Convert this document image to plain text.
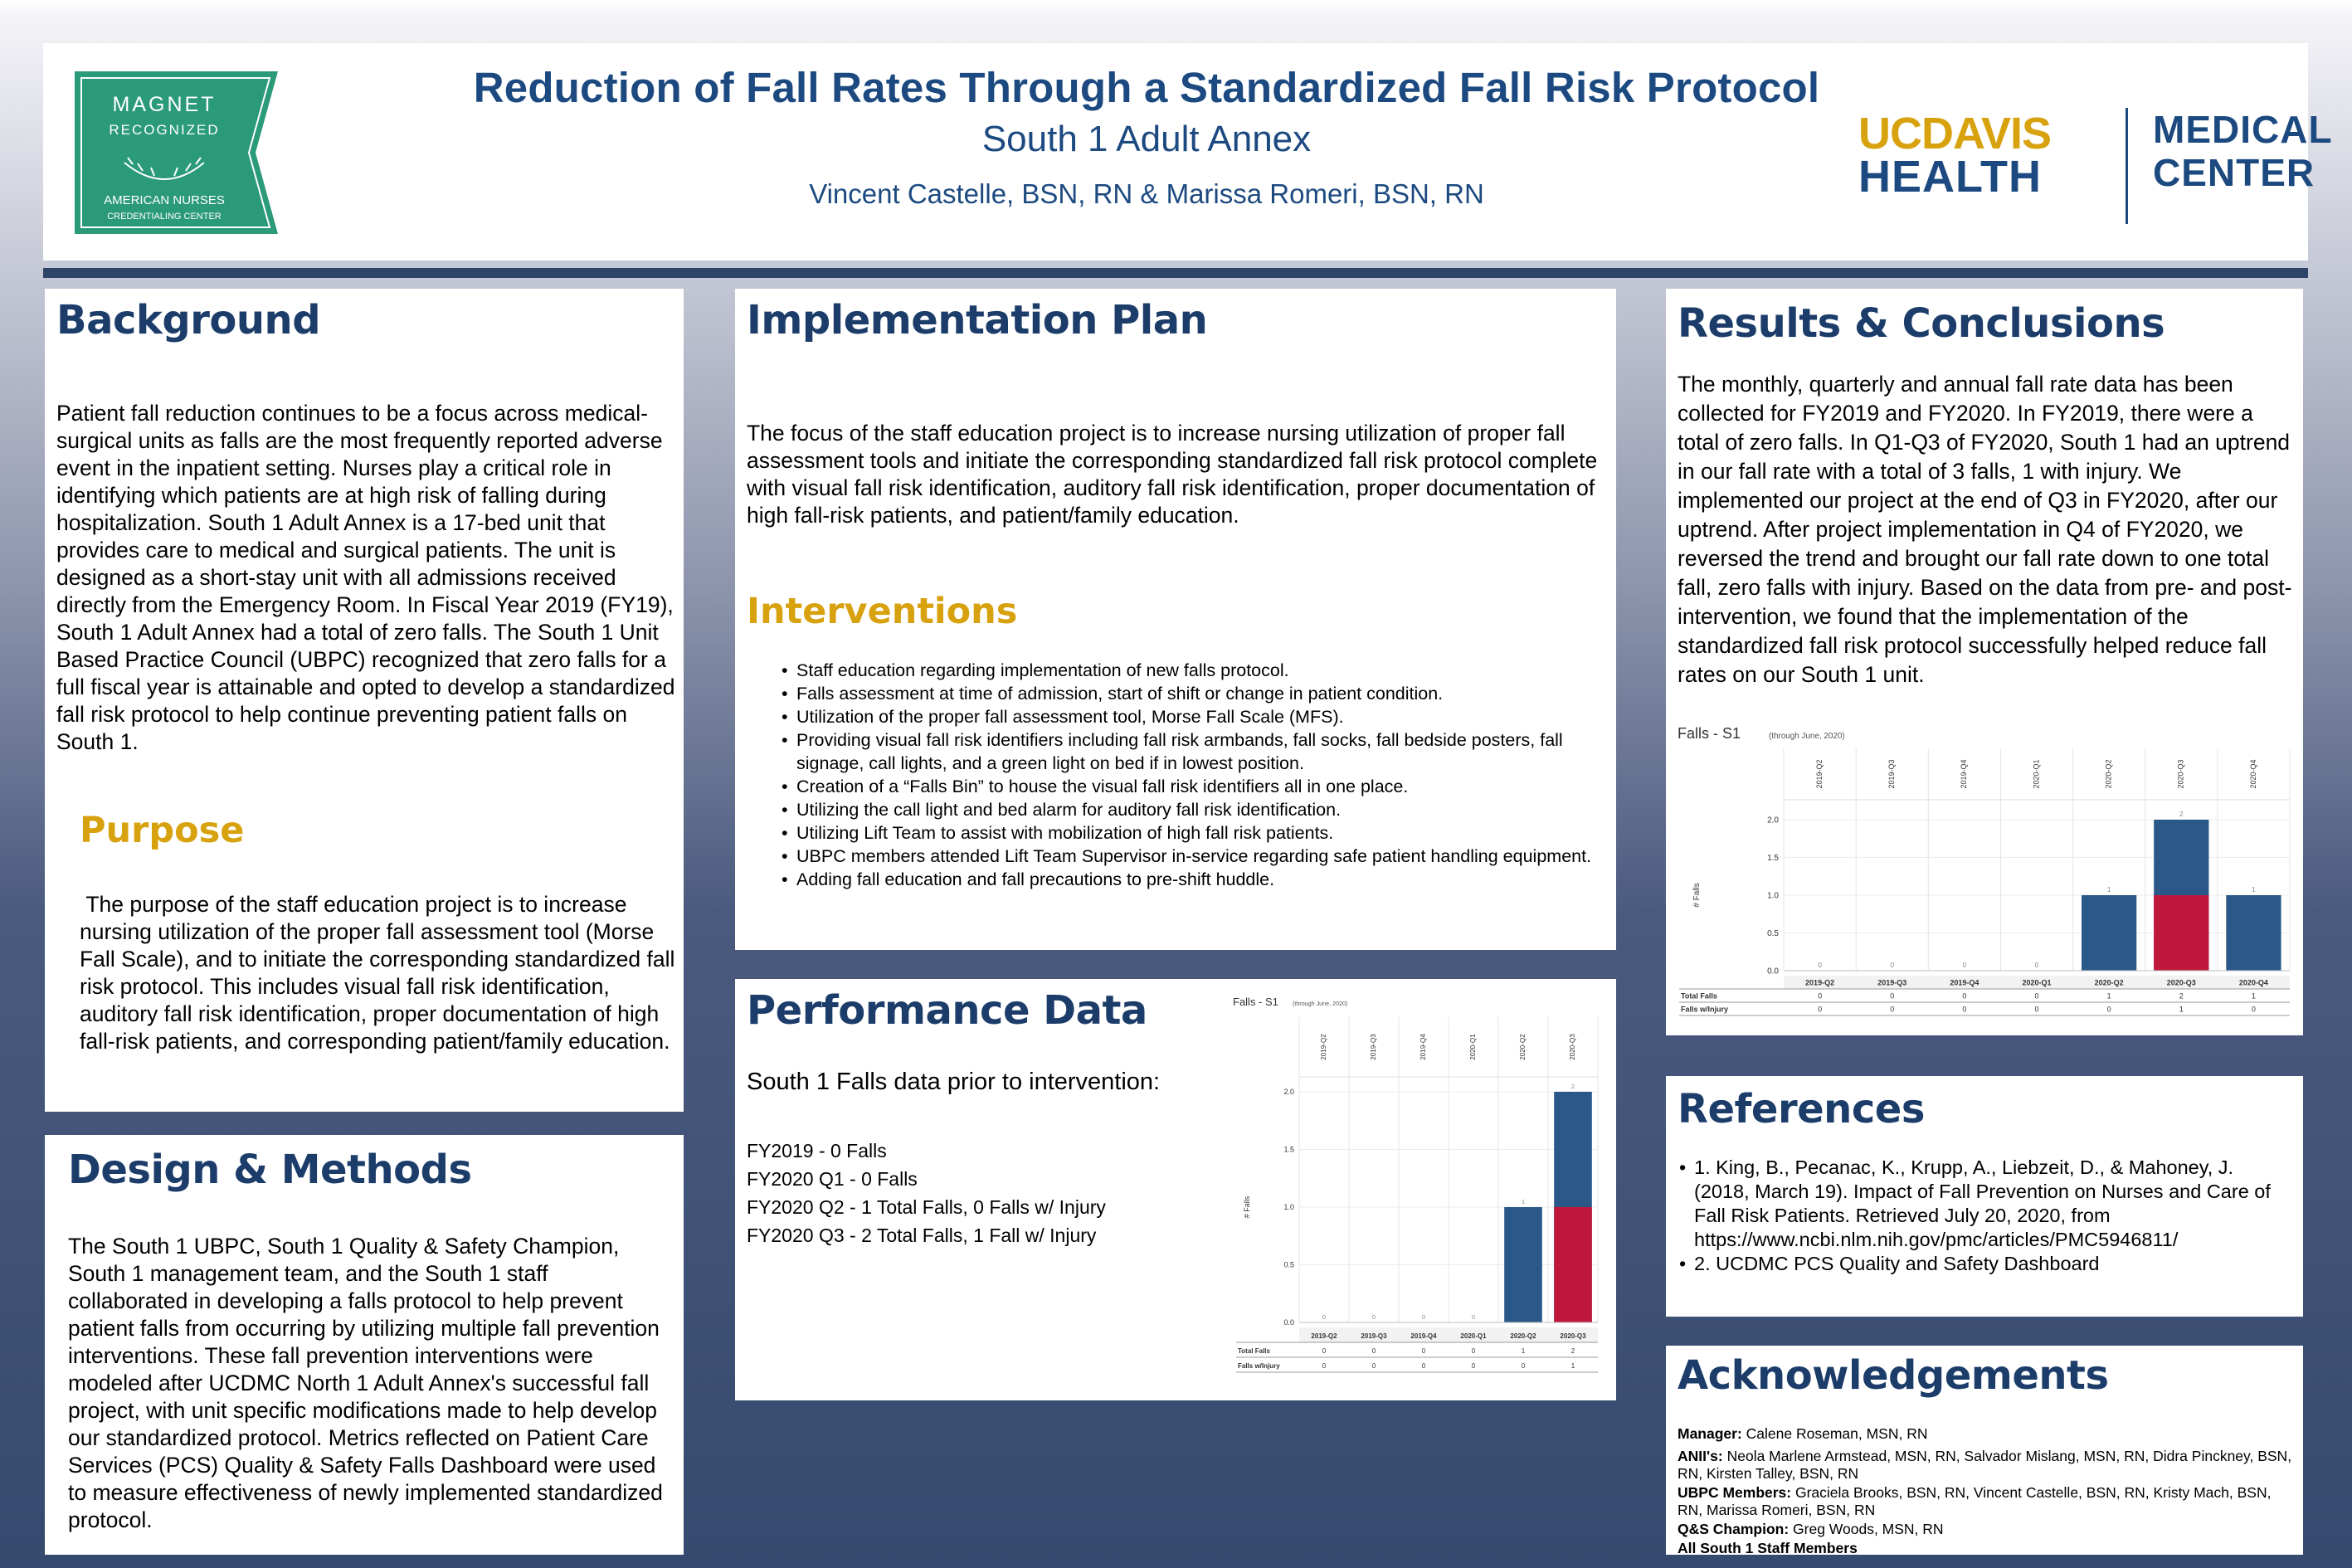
MAGNET
RECOGNIZED
AMERICAN NURSES
CREDENTIALING CENTER
Reduction of Fall Rates Through a Standardized Fall Risk Protocol
South 1 Adult Annex
Vincent Castelle, BSN, RN & Marissa Romeri, BSN, RN
UCDAVIS
HEALTH
MEDICAL
CENTER
Background

Patient fall reduction continues to be a focus across medical-surgical units as falls are the most frequently reported adverse event in the inpatient setting. Nurses play a critical role in identifying which patients are at high risk of falling during hospitalization. South 1 Adult Annex is a 17-bed unit that provides care to medical and surgical patients. The unit is designed as a short-stay unit with all admissions received directly from the Emergency Room. In Fiscal Year 2019 (FY19), South 1 Adult Annex had a total of zero falls. The South 1 Unit Based Practice Council (UBPC) recognized that zero falls for a full fiscal year is attainable and opted to develop a standardized fall risk protocol to help continue preventing patient falls on South 1.

Purpose

The purpose of the staff education project is to increase nursing utilization of the proper fall assessment tool (Morse Fall Scale), and to initiate the corresponding standardized fall risk protocol. This includes visual fall risk identification, auditory fall risk identification, proper documentation of high fall-risk patients, and corresponding patient/family education.

Design & Methods

The South 1 UBPC, South 1 Quality & Safety Champion, South 1 management team, and the South 1 staff collaborated in developing a falls protocol to help prevent patient falls from occurring by utilizing multiple fall prevention interventions. These fall prevention interventions were modeled after UCDMC North 1 Adult Annex's successful fall project, with unit specific modifications made to help develop our standardized protocol. Metrics reflected on Patient Care Services (PCS) Quality & Safety Falls Dashboard were used to measure effectiveness of newly implemented standardized protocol.

Implementation Plan

The focus of the staff education project is to increase nursing utilization of proper fall assessment tools and initiate the corresponding standardized fall risk protocol complete with visual fall risk identification, auditory fall risk identification, proper documentation of high fall-risk patients, and patient/family education.

Interventions
• Staff education regarding implementation of new falls protocol.
• Falls assessment at time of admission, start of shift or change in patient condition.
• Utilization of the proper fall assessment tool, Morse Fall Scale (MFS).
• Providing visual fall risk identifiers including fall risk armbands, fall socks, fall bedside posters, fall signage, call lights, and a green light on bed if in lowest position.
• Creation of a “Falls Bin” to house the visual fall risk identifiers all in one place.
• Utilizing the call light and bed alarm for auditory fall risk identification.
• Utilizing Lift Team to assist with mobilization of high fall risk patients.
• UBPC members attended Lift Team Supervisor in-service regarding safe patient handling equipment.
• Adding fall education and fall precautions to pre-shift huddle.
Performance Data

South 1 Falls data prior to intervention:

FY2019 - 0 Falls
FY2020 Q1 - 0 Falls
FY2020 Q2 - 1 Total Falls, 0 Falls w/ Injury
FY2020 Q3 - 2 Total Falls, 1 Fall w/ Injury
Falls - S1 (through June, 2020)
0.0
0.5
1.0
1.5
2.0
# Falls
2019-Q2	2019-Q3	2019-Q4	2020-Q1	2020-Q2	2020-Q3
0	0	0	0
1
2
2019-Q2	2019-Q3	2019-Q4	2020-Q1	2020-Q2	2020-Q3
Total Falls	0	0	0	0	1	2
Falls w/Injury	0	0	0	0	0	1
Results & Conclusions

The monthly, quarterly and annual fall rate data has been collected for FY2019 and FY2020. In FY2019, there were a total of zero falls. In Q1-Q3 of FY2020, South 1 had an uptrend in our fall rate with a total of 3 falls, 1 with injury. We implemented our project at the end of Q3 in FY2020, after our uptrend. After project implementation in Q4 of FY2020, we reversed the trend and brought our fall rate down to one total fall, zero falls with injury. Based on the data from pre- and post-intervention, we found that the implementation of the standardized fall risk protocol successfully helped reduce fall rates on our South 1 unit.

Falls - S1	(through June, 2020)
0.0
0.5
1.0
1.5
2.0
# Falls
2019-Q2	2019-Q3	2019-Q4	2020-Q1	2020-Q2	2020-Q3	2020-Q4
0	0	0	0
1
2
1
2019-Q2	2019-Q3	2019-Q4	2020-Q1	2020-Q2	2020-Q3	2020-Q4
Total Falls	0	0	0	0	1	2	1
Falls w/Injury	0	0	0	0	0	1	0
References
• 1. King, B., Pecanac, K., Krupp, A., Liebzeit, D., & Mahoney, J. (2018, March 19). Impact of Fall Prevention on Nurses and Care of Fall Risk Patients. Retrieved July 20, 2020, from https://www.ncbi.nlm.nih.gov/pmc/articles/PMC5946811/
• 2. UCDMC PCS Quality and Safety Dashboard
Acknowledgements
Manager: Calene Roseman, MSN, RN
ANII's: Neola Marlene Armstead, MSN, RN, Salvador Mislang, MSN, RN, Didra Pinckney, BSN, RN, Kirsten Talley, BSN, RN
UBPC Members: Graciela Brooks, BSN, RN, Vincent Castelle, BSN, RN, Kristy Mach, BSN, RN, Marissa Romeri, BSN, RN
Q&S Champion: Greg Woods, MSN, RN
All South 1 Staff Members
